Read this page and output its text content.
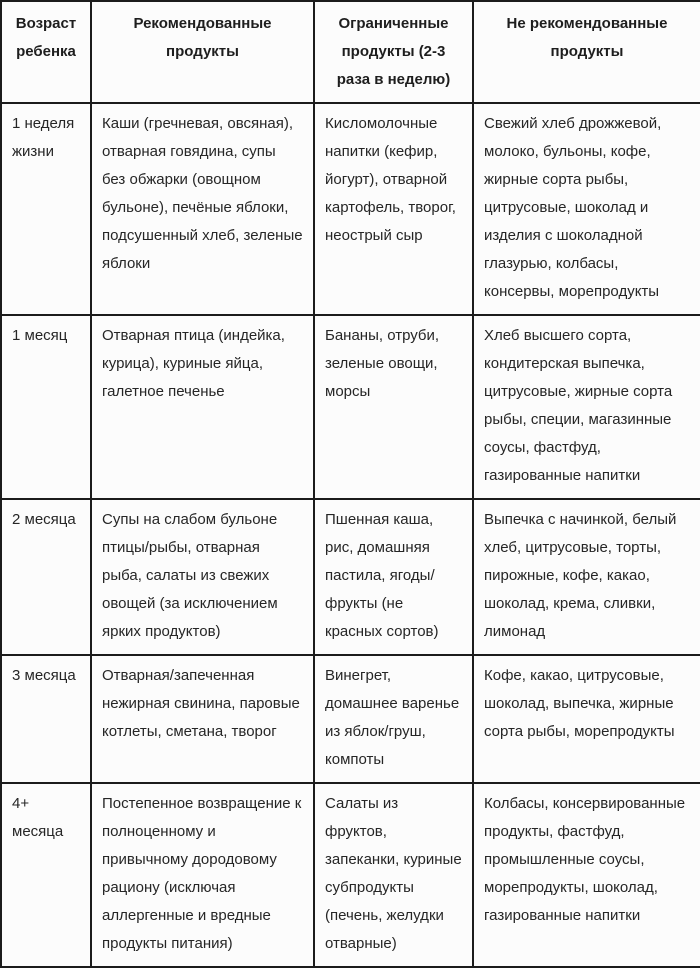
Возраст ребенка	Рекомендованные продукты	Ограниченные продукты (2-3 раза в неделю)	Не рекомендованные продукты
1 неделя жизни	Каши (гречневая, овсяная), отварная говядина, супы без обжарки (овощном бульоне), печёные яблоки, подсушенный хлеб, зеленые яблоки	Кисломолочные напитки (кефир, йогурт), отварной картофель, творог, неострый сыр	Свежий хлеб дрожжевой, молоко, бульоны, кофе, жирные сорта рыбы, цитрусовые, шоколад и изделия с шоколадной глазурью, колбасы, консервы, морепродукты
1 месяц	Отварная птица (индейка, курица), куриные яйца, галетное печенье	Бананы, отруби, зеленые овощи, морсы	Хлеб высшего сорта, кондитерская выпечка, цитрусовые, жирные сорта рыбы, специи, магазинные соусы, фастфуд, газированные напитки
2 месяца	Супы на слабом бульоне птицы/рыбы, отварная рыба, салаты из свежих овощей (за исключением ярких продуктов)	Пшенная каша, рис, домашняя пастила, ягоды/фрукты (не красных сортов)	Выпечка с начинкой, белый хлеб, цитрусовые, торты, пирожные, кофе, какао, шоколад, крема, сливки, лимонад
3 месяца	Отварная/запеченная нежирная свинина, паровые котлеты, сметана, творог	Винегрет, домашнее варенье из яблок/груш, компоты	Кофе, какао, цитрусовые, шоколад, выпечка, жирные сорта рыбы, морепродукты
4+ месяца	Постепенное возвращение к полноценному и привычному дородовому рациону (исключая аллергенные и вредные продукты питания)	Салаты из фруктов, запеканки, куриные субпродукты (печень, желудки отварные)	Колбасы, консервированные продукты, фастфуд, промышленные соусы, морепродукты, шоколад, газированные напитки
